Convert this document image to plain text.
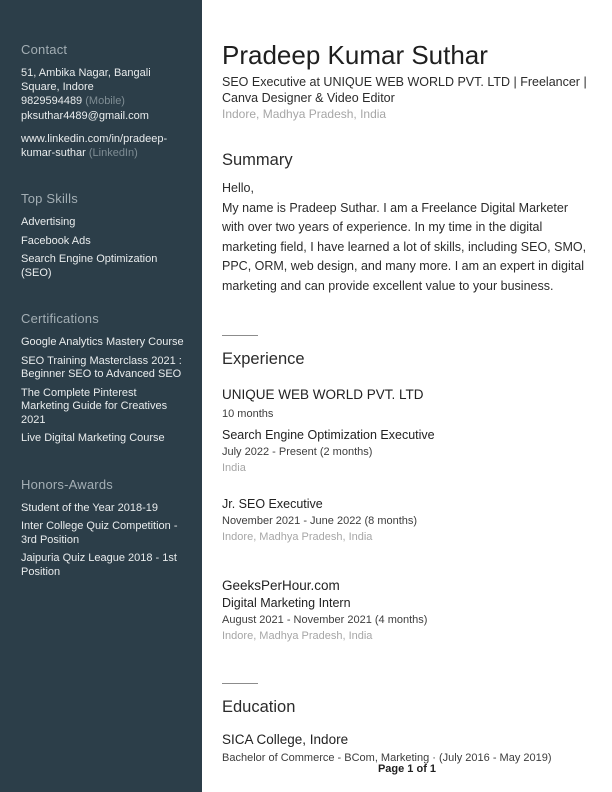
Contact
51, Ambika Nagar, Bangali Square, Indore
9829594489 (Mobile)
pksuthar4489@gmail.com
www.linkedin.com/in/pradeep-kumar-suthar (LinkedIn)
Top Skills
Advertising
Facebook Ads
Search Engine Optimization (SEO)
Certifications
Google Analytics Mastery Course
SEO Training Masterclass 2021 : Beginner SEO to Advanced SEO
The Complete Pinterest Marketing Guide for Creatives 2021
Live Digital Marketing Course
Honors-Awards
Student of the Year 2018-19
Inter College Quiz Competition - 3rd Position
Jaipuria Quiz League 2018 - 1st Position
Pradeep Kumar Suthar
SEO Executive at UNIQUE WEB WORLD PVT. LTD | Freelancer | Canva Designer & Video Editor
Indore, Madhya Pradesh, India
Summary
Hello,
My name is Pradeep Suthar. I am a Freelance Digital Marketer with over two years of experience. In my time in the digital marketing field, I have learned a lot of skills, including SEO, SMO, PPC, ORM, web design, and many more. I am an expert in digital marketing and can provide excellent value to your business.
Experience
UNIQUE WEB WORLD PVT. LTD
10 months
Search Engine Optimization Executive
July 2022 - Present (2 months)
India
Jr. SEO Executive
November 2021 - June 2022 (8 months)
Indore, Madhya Pradesh, India
GeeksPerHour.com
Digital Marketing Intern
August 2021 - November 2021 (4 months)
Indore, Madhya Pradesh, India
Education
SICA College, Indore
Bachelor of Commerce - BCom, Marketing · (July 2016 - May 2019)
Page 1 of 1
